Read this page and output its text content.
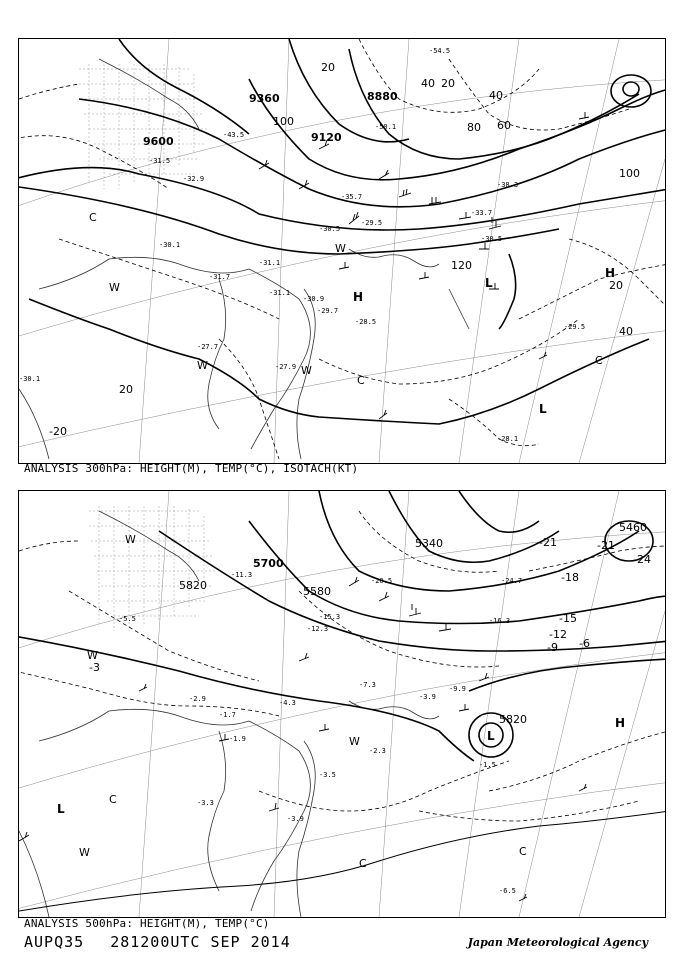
9600
9360
9120
8880
20
20
40
40
60
80
100
100
120
20
40
20
-20
H
H
L
L
C
C
C
W
W	W
W
-31.5
-32.9
-30.5
-29.5
-31.1
-31.7
-30.9
-30.1
-29.7
-27.7
-28.5
-27.9
-30.1
-29.5
-28.1
-31.1
-35.7
-33.7
-30.5
-38.3
-43.5
-54.5
-50.1
ANALYSIS 300hPa: HEIGHT(M), TEMP(°C), ISOTACH(KT)
5700
5820	5580
5340
5460
5820
-3
-6
-9
-12
-15
-18
-21
-24
-21
H
L
L
C
C
C
W
W
W
W
-5.5
-2.9
-1.7
-4.3
-1.9
-3.9
-2.3
-3.3
-3.5
-6.5
-1.5
-3.9
-11.3
-12.3
-15.3
-20.5	-24.7
-16.3
-9.9
-7.3
ANALYSIS 500hPa: HEIGHT(M), TEMP(°C)
AUPQ35 281200UTC SEP 2014	Japan Meteorological Agency
